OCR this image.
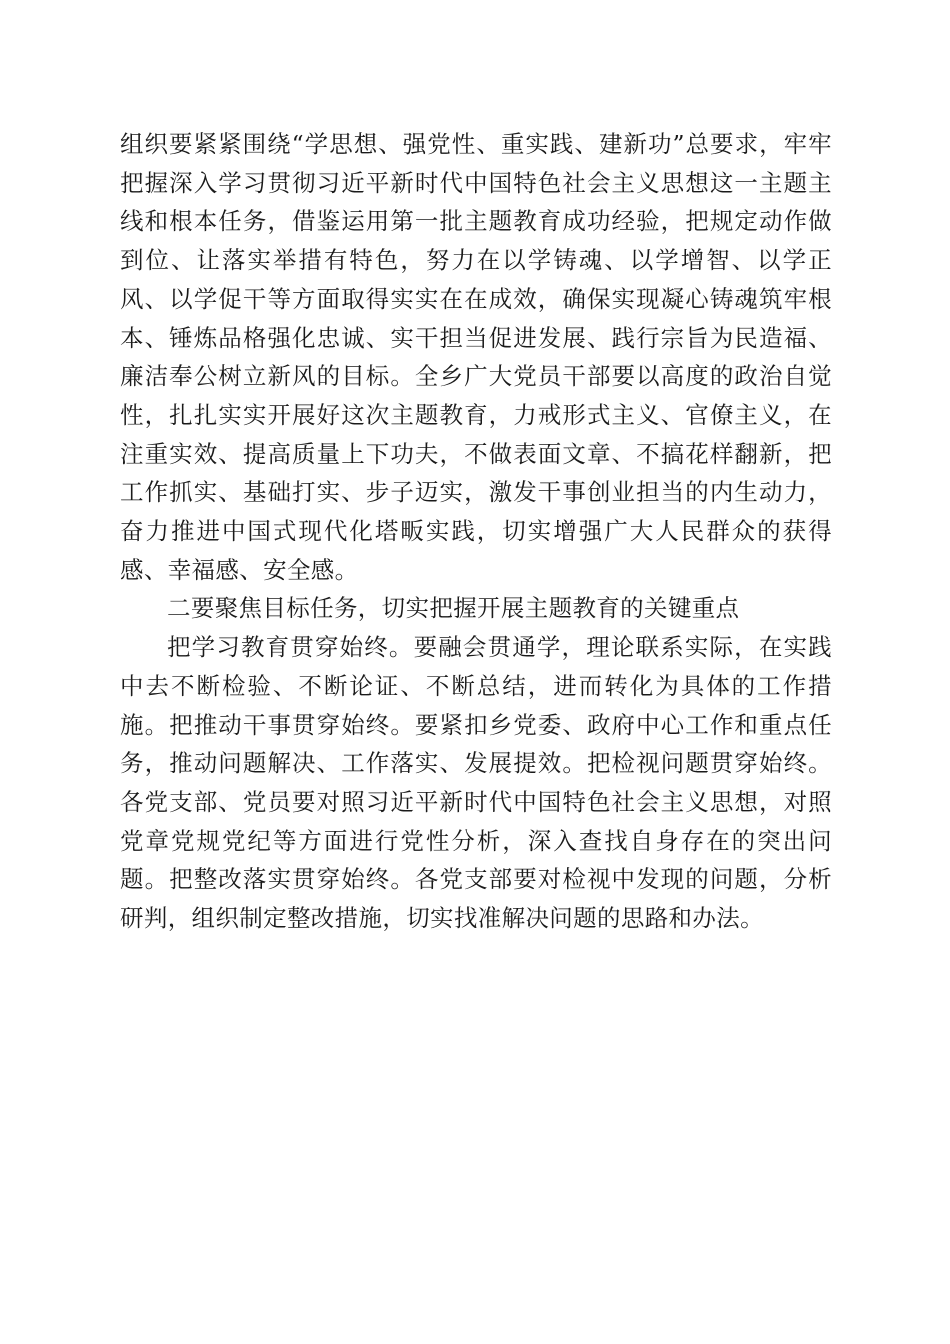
组织要紧紧围绕“学思想、强党性、重实践、建新功”总要求，牢牢把握深入学习贯彻习近平新时代中国特色社会主义思想这一主题主线和根本任务，借鉴运用第一批主题教育成功经验，把规定动作做到位、让落实举措有特色，努力在以学铸魂、以学增智、以学正风、以学促干等方面取得实实在在成效，确保实现凝心铸魂筑牢根本、锤炼品格强化忠诚、实干担当促进发展、践行宗旨为民造福、廉洁奉公树立新风的目标。全乡广大党员干部要以高度的政治自觉性，扎扎实实开展好这次主题教育，力戒形式主义、官僚主义，在注重实效、提高质量上下功夫，不做表面文章、不搞花样翻新，把工作抓实、基础打实、步子迈实，激发干事创业担当的内生动力，奋力推进中国式现代化塔畈实践，切实增强广大人民群众的获得感、幸福感、安全感。

二要聚焦目标任务，切实把握开展主题教育的关键重点

把学习教育贯穿始终。要融会贯通学，理论联系实际，在实践中去不断检验、不断论证、不断总结，进而转化为具体的工作措施。把推动干事贯穿始终。要紧扣乡党委、政府中心工作和重点任务，推动问题解决、工作落实、发展提效。把检视问题贯穿始终。各党支部、党员要对照习近平新时代中国特色社会主义思想，对照党章党规党纪等方面进行党性分析，深入查找自身存在的突出问题。把整改落实贯穿始终。各党支部要对检视中发现的问题，分析研判，组织制定整改措施，切实找准解决问题的思路和办法。
